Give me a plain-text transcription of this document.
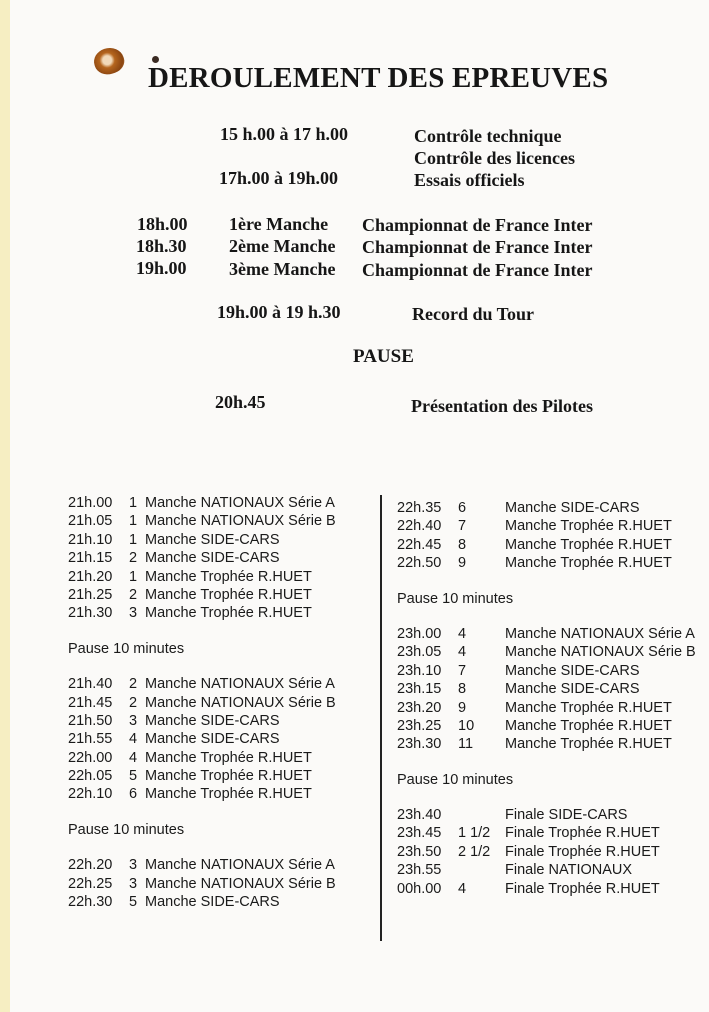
DEROULEMENT DES EPREUVES
15 h.00 à 17 h.00	Contrôle technique
Contrôle des licences
17h.00 à 19h.00	Essais officiels
18h.00 1ère Manche Championnat de France Inter
18h.30 2ème Manche Championnat de France Inter
19h.00 3ème Manche Championnat de France Inter
19h.00 à 19 h.30	Record du Tour
PAUSE
20h.45	Présentation des Pilotes
21h.00	1 Manche NATIONAUX Série A
21h.05	1 Manche NATIONAUX Série B
21h.10	1 Manche SIDE-CARS
21h.15	2 Manche SIDE-CARS
21h.20	1 Manche Trophée R.HUET
21h.25	2 Manche Trophée R.HUET
21h.30	3 Manche Trophée R.HUET
Pause 10 minutes
21h.40	2 Manche NATIONAUX Série A
21h.45	2 Manche NATIONAUX Série B
21h.50	3 Manche SIDE-CARS
21h.55	4 Manche SIDE-CARS
22h.00	4 Manche Trophée R.HUET
22h.05	5 Manche Trophée R.HUET
22h.10	6 Manche Trophée R.HUET
Pause 10 minutes
22h.20	3 Manche NATIONAUX Série A
22h.25	3 Manche NATIONAUX Série B
22h.30	5 Manche SIDE-CARS
22h.35	6	Manche SIDE-CARS
22h.40	7	Manche Trophée R.HUET
22h.45	8	Manche Trophée R.HUET
22h.50	9	Manche Trophée R.HUET
Pause 10 minutes
23h.00	4	Manche NATIONAUX Série A
23h.05	4	Manche NATIONAUX Série B
23h.10	7	Manche SIDE-CARS
23h.15	8	Manche SIDE-CARS
23h.20	9	Manche Trophée R.HUET
23h.25	10	Manche Trophée R.HUET
23h.30	11	Manche Trophée R.HUET
Pause 10 minutes
23h.40	Finale SIDE-CARS
23h.45	1 1/2	Finale Trophée R.HUET
23h.50	2 1/2	Finale Trophée R.HUET
23h.55	Finale NATIONAUX
00h.00	4	Finale Trophée R.HUET
